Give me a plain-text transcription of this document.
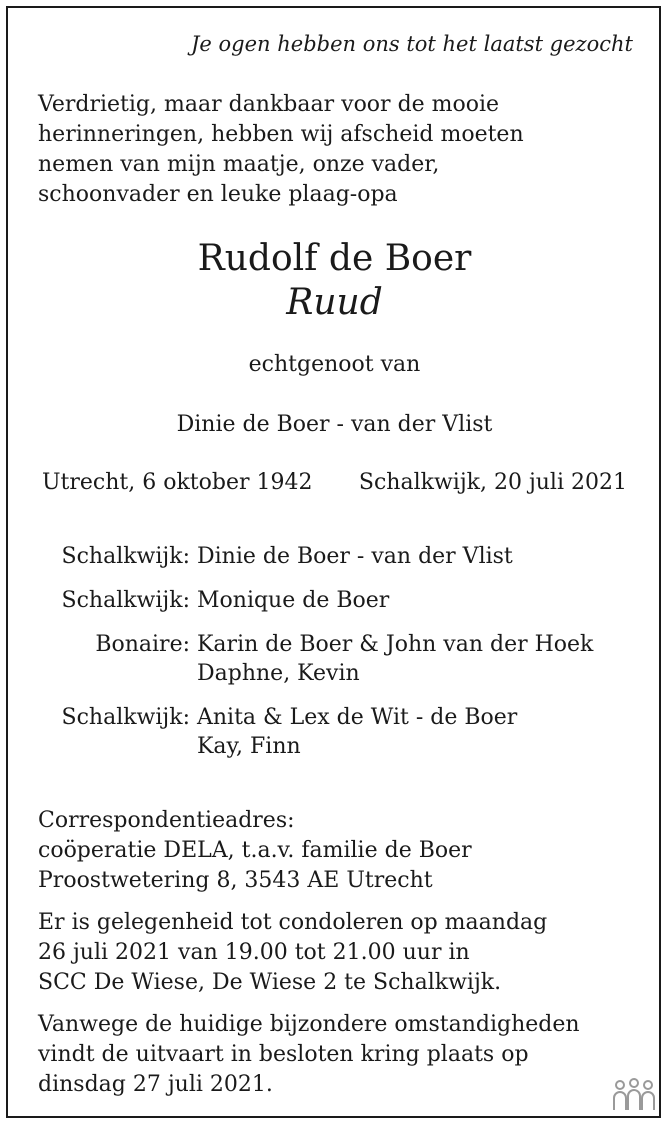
Je ogen hebben ons tot het laatst gezocht
Verdrietig, maar dankbaar voor de mooie
herinneringen, hebben wij afscheid moeten
nemen van mijn maatje, onze vader,
schoonvader en leuke plaag-opa
Rudolf de Boer
Ruud
echtgenoot van
Dinie de Boer - van der Vlist
Utrecht, 6 oktober 1942 Schalkwijk, 20 juli 2021
Schalkwijk: Dinie de Boer - van der Vlist
Schalkwijk: Monique de Boer
Bonaire: Karin de Boer & John van der Hoek
Daphne, Kevin
Schalkwijk: Anita & Lex de Wit - de Boer
Kay, Finn
Correspondentieadres:
coöperatie DELA, t.a.v. familie de Boer
Proostwetering 8, 3543 AE Utrecht
Er is gelegenheid tot condoleren op maandag
26 juli 2021 van 19.00 tot 21.00 uur in
SCC De Wiese, De Wiese 2 te Schalkwijk.
Vanwege de huidige bijzondere omstandigheden
vindt de uitvaart in besloten kring plaats op
dinsdag 27 juli 2021.
